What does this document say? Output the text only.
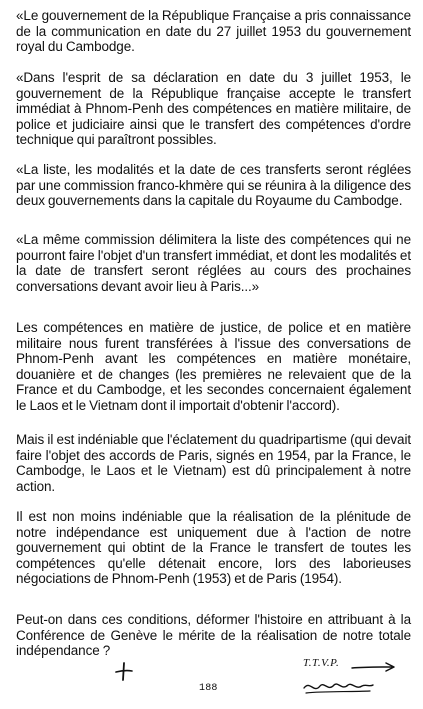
«Le gouvernement de la République Française a pris connaissance de la communication en date du 27 juillet 1953 du gouvernement royal du Cambodge.

«Dans l'esprit de sa déclaration en date du 3 juillet 1953, le gouvernement de la République française accepte le transfert immédiat à Phnom-Penh des compétences en matière militaire, de police et judiciaire ainsi que le transfert des compétences d'ordre technique qui paraîtront possibles.

«La liste, les modalités et la date de ces transferts seront réglées par une commission franco-khmère qui se réunira à la diligence des deux gouvernements dans la capitale du Royaume du Cambodge.

«La même commission délimitera la liste des compétences qui ne pourront faire l'objet d'un transfert immédiat, et dont les modalités et la date de transfert seront réglées au cours des prochaines conversations devant avoir lieu à Paris...»

Les compétences en matière de justice, de police et en matière militaire nous furent transférées à l'issue des conversations de Phnom-Penh avant les compétences en matière monétaire, douanière et de changes (les premières ne relevaient que de la France et du Cambodge, et les secondes concernaient également le Laos et le Vietnam dont il importait d'obtenir l'accord).

Mais il est indéniable que l'éclatement du quadripartisme (qui devait faire l'objet des accords de Paris, signés en 1954, par la France, le Cambodge, le Laos et le Vietnam) est dû principalement à notre action.

Il est non moins indéniable que la réalisation de la plénitude de notre indépendance est uniquement due à l'action de notre gouvernement qui obtint de la France le transfert de toutes les compétences qu'elle détenait encore, lors des laborieuses négociations de Phnom-Penh (1953) et de Paris (1954).

Peut-on dans ces conditions, déformer l'histoire en attribuant à la Conférence de Genève le mérite de la réalisation de notre totale indépendance ?

188
T.T.V.P.
